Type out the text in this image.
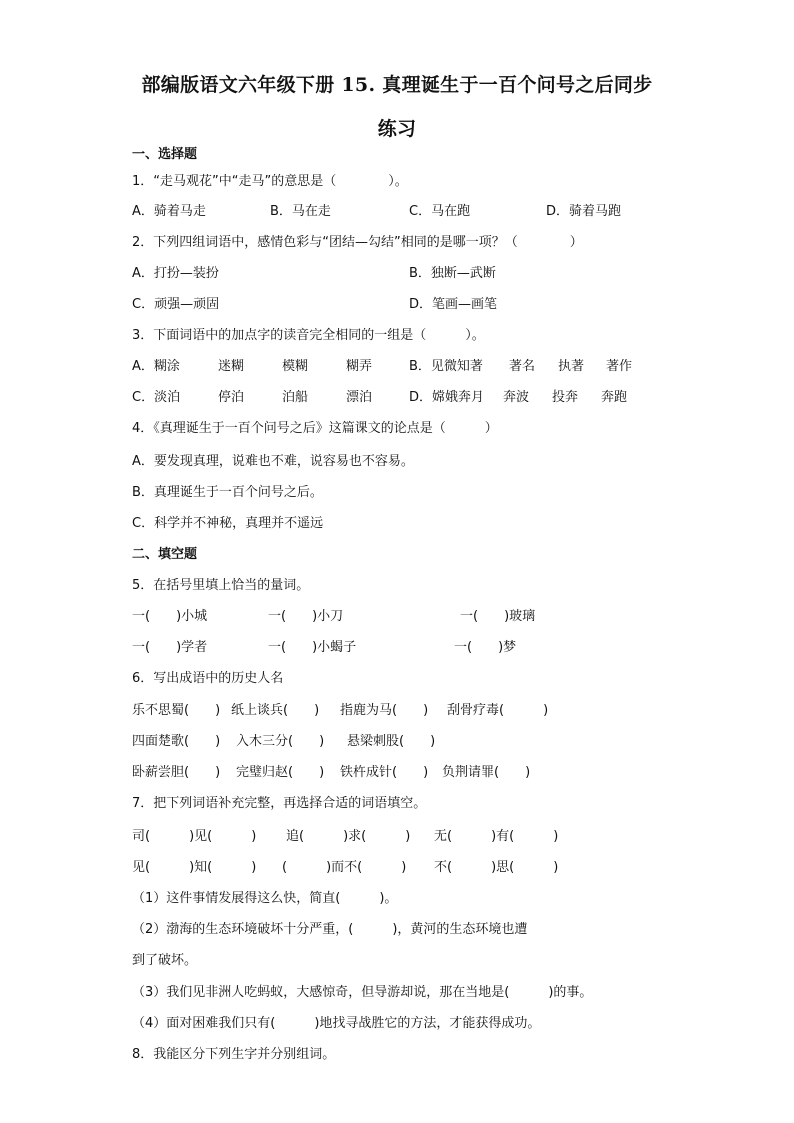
部编版语文六年级下册 15. 真理诞生于一百个问号之后同步
练习
一、选择题
1．“走马观花”中“走马”的意思是（　　　　）。
A．骑着马走	B．马在走	C．马在跑	D．骑着马跑
2．下列四组词语中，感情色彩与“团结—勾结”相同的是哪一项？（　　　　）
A．打扮—装扮	B．独断—武断
C．顽强—顽固	D．笔画—画笔
3．下面词语中的加点字的读音完全相同的一组是（　　　）。
A．糊涂	迷糊	模糊	糊弄	B．见微知著 著名 执著 著作
C．淡泊	停泊	泊船	漂泊	D．嫦娥奔月 奔波 投奔 奔跑
4．《真理诞生于一百个问号之后》这篇课文的论点是（　　　）
A．要发现真理，说难也不难，说容易也不容易。
B．真理诞生于一百个问号之后。
C．科学并不神秘，真理并不遥远
二、填空题
5．在括号里填上恰当的量词。
一(　　)小城	一(　　)小刀	一(　　)玻璃
一(　　)学者	一(　　)小蝎子	一(　　)梦
6．写出成语中的历史人名
乐不思蜀(　　) 纸上谈兵(　　) 指鹿为马(　　) 刮骨疗毒(　　　)
四面楚歌(　　) 入木三分(　　) 悬梁刺股(　　)
卧薪尝胆(　　) 完璧归赵(　　) 铁杵成针(　　) 负荆请罪(　　)
7．把下列词语补充完整，再选择合适的词语填空。
司(　　　)见(　　　) 追(　　　)求(　　　) 无(　　　)有(　　　)
见(　　　)知(　　　) (　　　)而不(　　　) 不(　　　)思(　　　)
（1）这件事情发展得这么快，简直(　　　)。
（2）渤海的生态环境破坏十分严重，(　　　)，黄河的生态环境也遭
到了破坏。
（3）我们见非洲人吃蚂蚁，大感惊奇，但导游却说，那在当地是(　　　)的事。
（4）面对困难我们只有(　　　)地找寻战胜它的方法，才能获得成功。
8．我能区分下列生字并分别组词。
